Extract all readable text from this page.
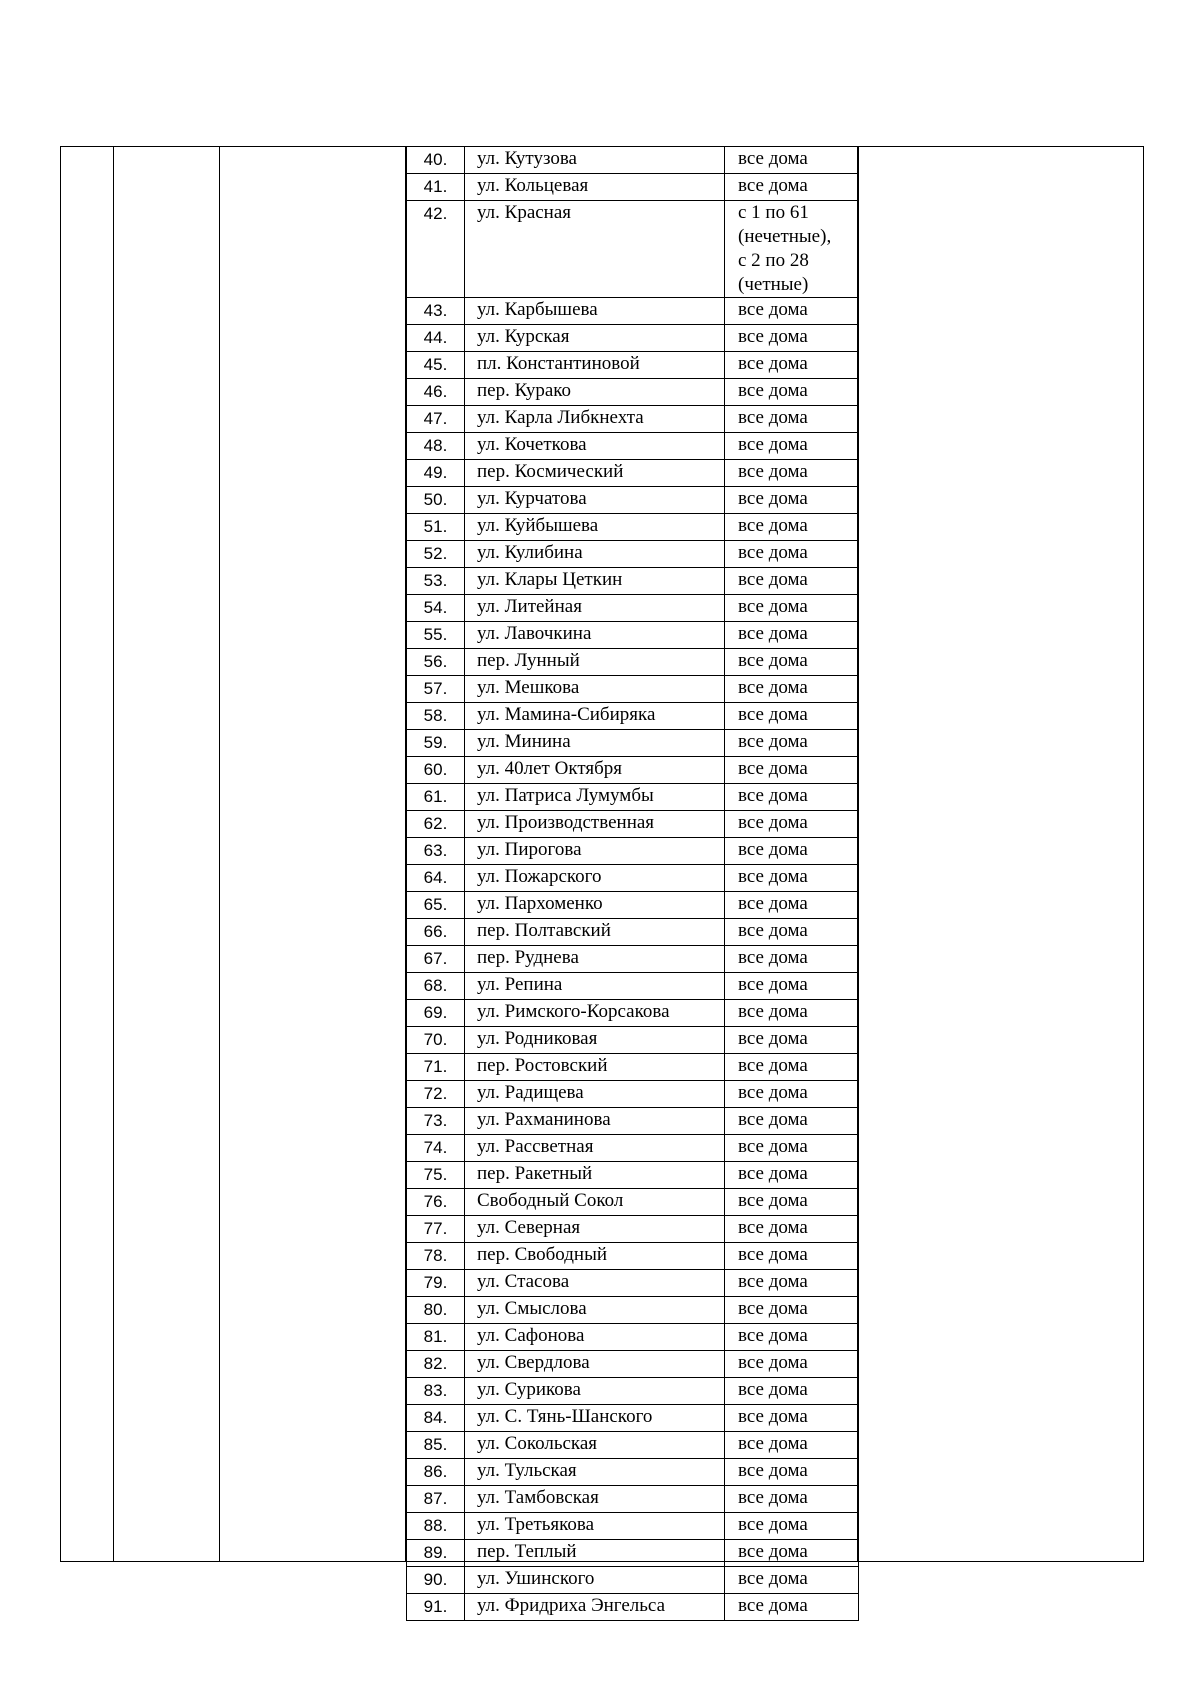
40.	ул. Кутузова	все дома

41.	ул. Кольцевая	все дома

42.	ул. Красная	с 1 по 61
(нечетные),
с 2 по 28
(четные)

43.	ул. Карбышева	все дома

44.	ул. Курская	все дома

45.	пл. Константиновой	все дома

46.	пер. Курако	все дома

47.	ул. Карла Либкнехта	все дома

48.	ул. Кочеткова	все дома

49.	пер. Космический	все дома

50.	ул. Курчатова	все дома

51.	ул. Куйбышева	все дома

52.	ул. Кулибина	все дома

53.	ул. Клары Цеткин	все дома

54.	ул. Литейная	все дома

55.	ул. Лавочкина	все дома

56.	пер. Лунный	все дома

57.	ул. Мешкова	все дома

58.	ул. Мамина-Сибиряка	все дома

59.	ул. Минина	все дома

60.	ул. 40лет Октября	все дома

61.	ул. Патриса Лумумбы	все дома

62.	ул. Производственная	все дома

63.	ул. Пирогова	все дома

64.	ул. Пожарского	все дома

65.	ул. Пархоменко	все дома

66.	пер. Полтавский	все дома

67.	пер. Руднева	все дома

68.	ул. Репина	все дома

69.	ул. Римского-Корсакова	все дома

70.	ул. Родниковая	все дома

71.	пер. Ростовский	все дома

72.	ул. Радищева	все дома

73.	ул. Рахманинова	все дома

74.	ул. Рассветная	все дома

75.	пер. Ракетный	все дома

76.	Свободный Сокол	все дома

77.	ул. Северная	все дома

78.	пер. Свободный	все дома

79.	ул. Стасова	все дома

80.	ул. Смыслова	все дома

81.	ул. Сафонова	все дома

82.	ул. Свердлова	все дома

83.	ул. Сурикова	все дома

84.	ул. С. Тянь-Шанского	все дома

85.	ул. Сокольская	все дома

86.	ул. Тульская	все дома

87.	ул. Тамбовская	все дома

88.	ул. Третьякова	все дома

89.	пер. Теплый	все дома

90.	ул. Ушинского	все дома

91.	ул. Фридриха Энгельса	все дома
